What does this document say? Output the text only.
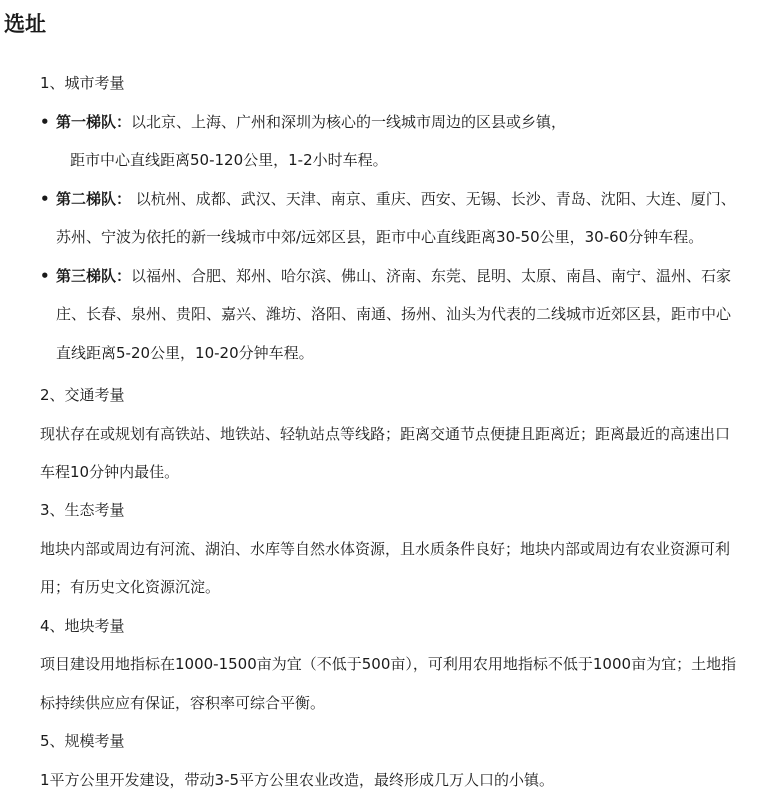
选址
1、城市考量
• 第一梯队：以北京、上海、广州和深圳为核心的一线城市周边的区县或乡镇，
距市中心直线距离50-120公里，1-2小时车程。
• 第二梯队： 以杭州、成都、武汉、天津、南京、重庆、西安、无锡、长沙、青岛、沈阳、大连、厦门、
苏州、宁波为依托的新一线城市中郊/远郊区县，距市中心直线距离30-50公里，30-60分钟车程。
• 第三梯队：以福州、合肥、郑州、哈尔滨、佛山、济南、东莞、昆明、太原、南昌、南宁、温州、石家
庄、长春、泉州、贵阳、嘉兴、潍坊、洛阳、南通、扬州、汕头为代表的二线城市近郊区县，距市中心
直线距离5-20公里，10-20分钟车程。
2、交通考量
现状存在或规划有高铁站、地铁站、轻轨站点等线路；距离交通节点便捷且距离近；距离最近的高速出口
车程10分钟内最佳。
3、生态考量
地块内部或周边有河流、湖泊、水库等自然水体资源，且水质条件良好；地块内部或周边有农业资源可利
用；有历史文化资源沉淀。
4、地块考量
项目建设用地指标在1000-1500亩为宜（不低于500亩），可利用农用地指标不低于1000亩为宜；土地指
标持续供应应有保证，容积率可综合平衡。
5、规模考量
1平方公里开发建设，带动3-5平方公里农业改造，最终形成几万人口的小镇。
